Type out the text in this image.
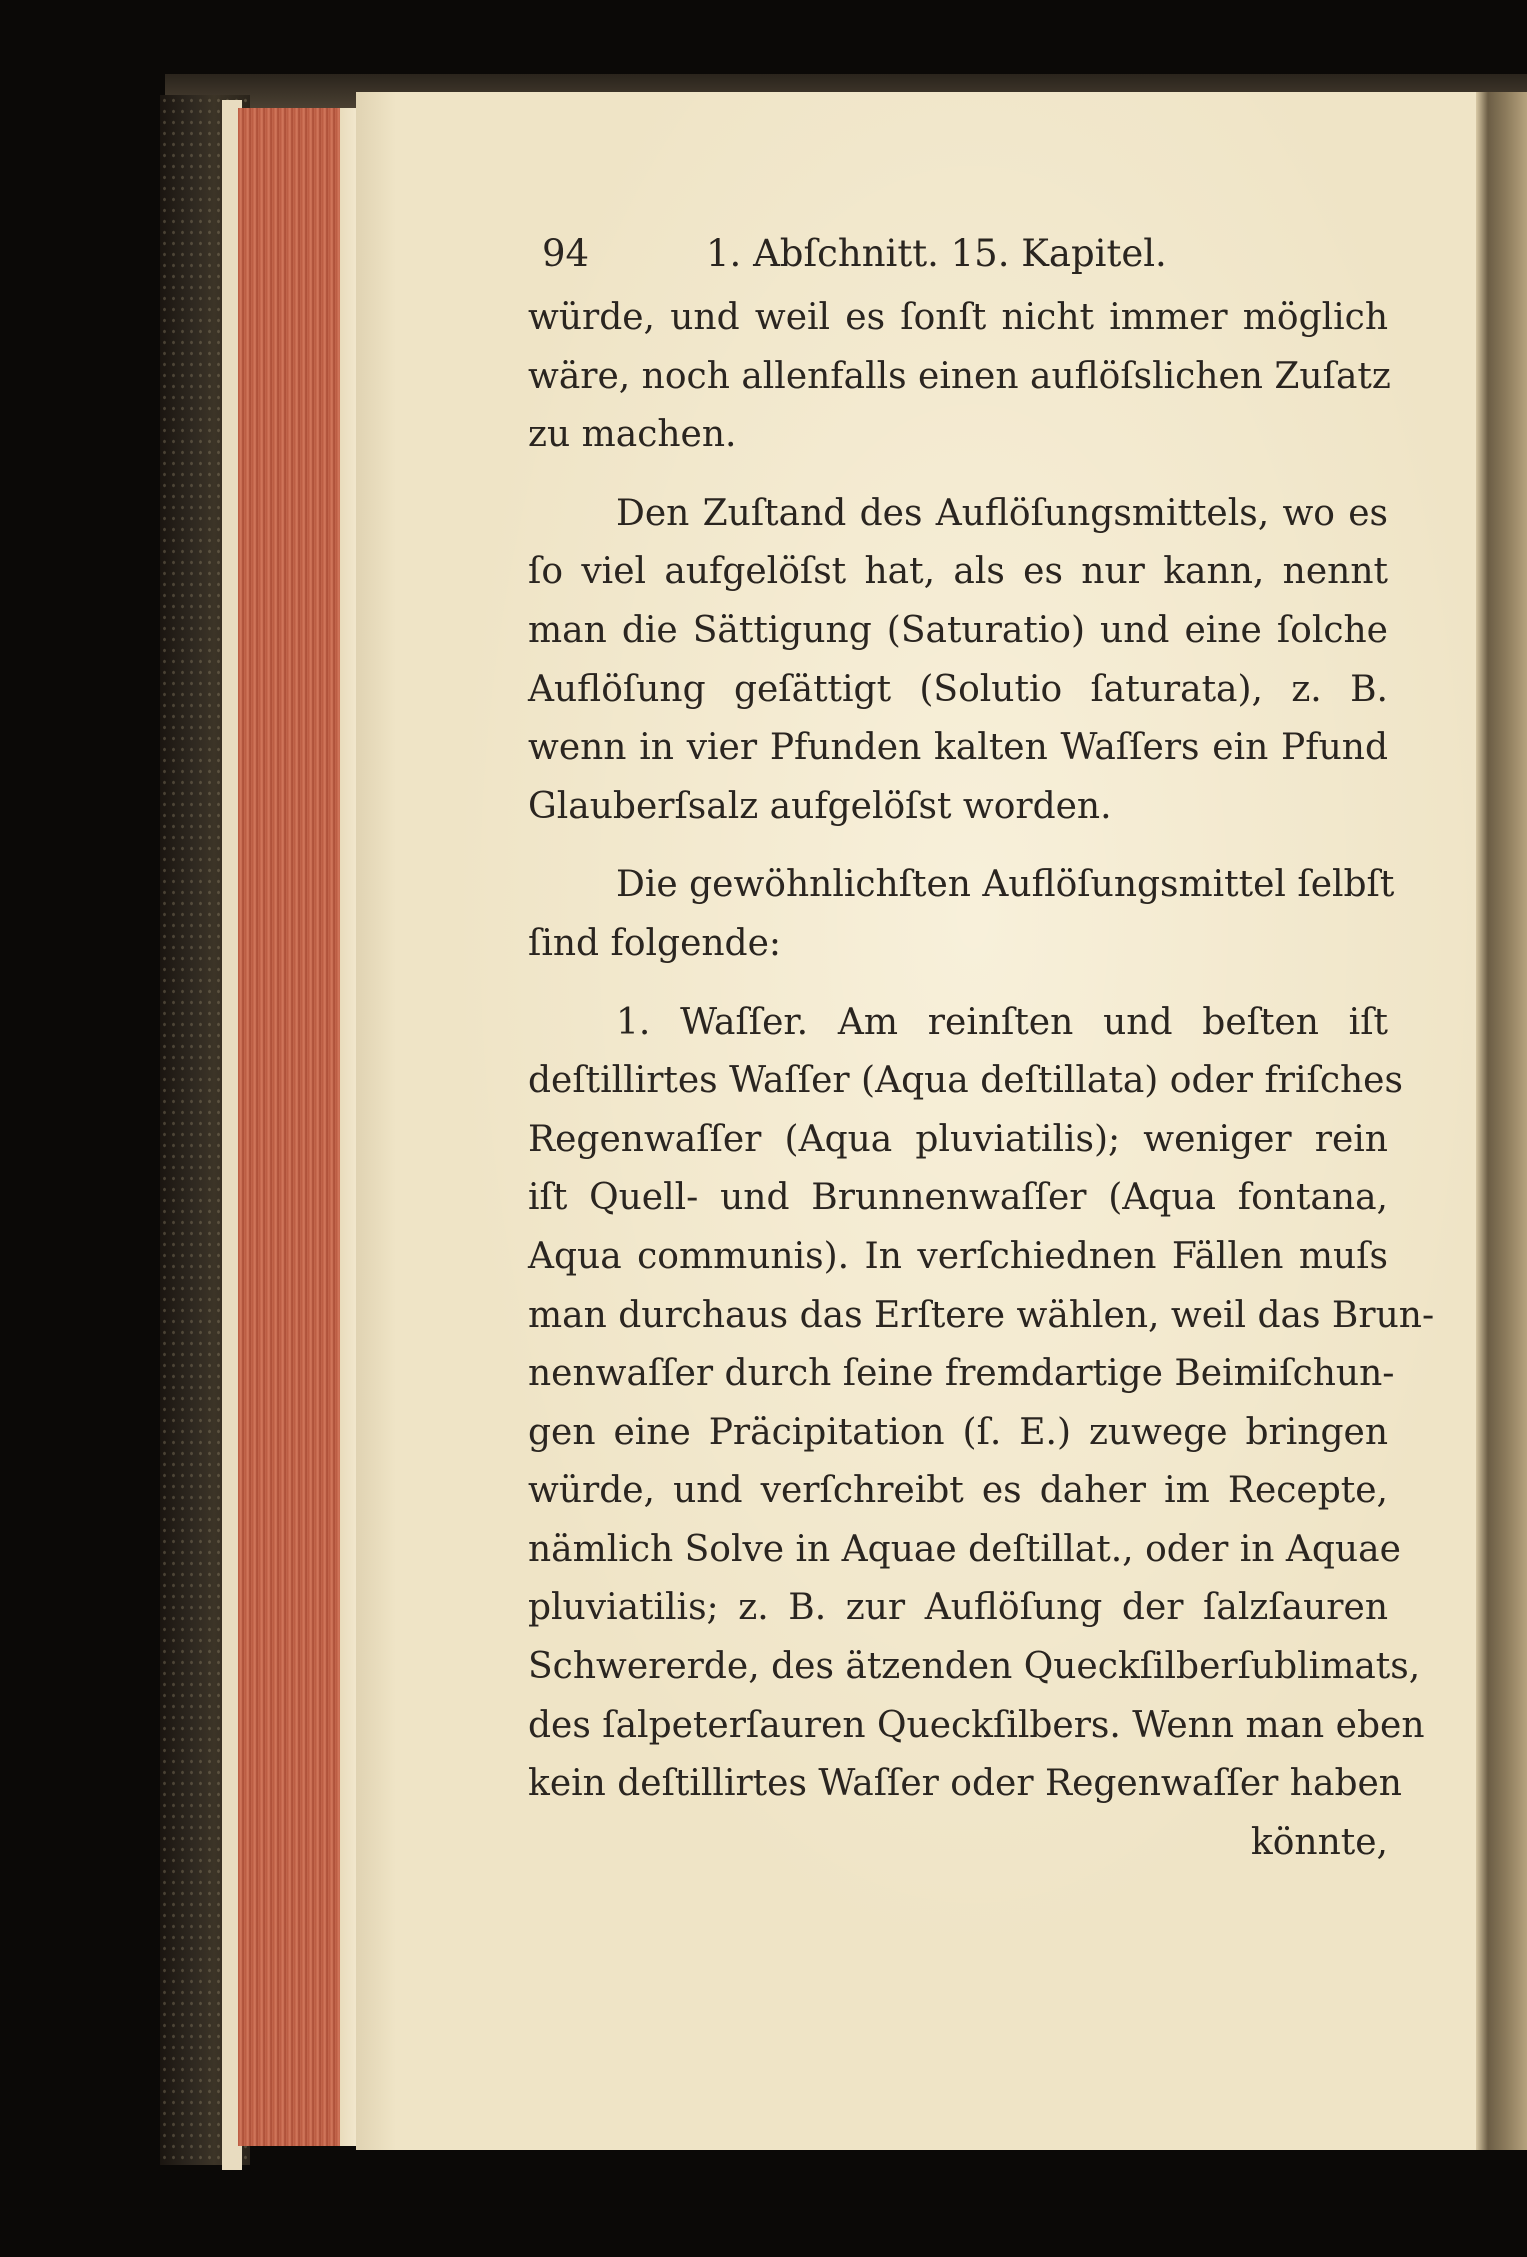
94	1. Abſchnitt. 15. Kapitel.
würde, und weil es ſonſt nicht immer möglich
wäre, noch allenfalls einen auflöſslichen Zuſatz
zu machen.
Den Zuſtand des Auflöſungsmittels, wo es
ſo viel aufgelöſst hat, als es nur kann, nennt
man die Sättigung (Saturatio) und eine ſolche
Auflöſung geſättigt (Solutio ſaturata), z. B.
wenn in vier Pfunden kalten Waſſers ein Pfund
Glauberſsalz aufgelöſst worden.
Die gewöhnlichſten Auflöſungsmittel ſelbſt
ſind folgende:
1. Waſſer. Am reinſten und beſten iſt
deſtillirtes Waſſer (Aqua deſtillata) oder friſches
Regenwaſſer (Aqua pluviatilis); weniger rein
iſt Quell- und Brunnenwaſſer (Aqua fontana,
Aqua communis). In verſchiednen Fällen muſs
man durchaus das Erſtere wählen, weil das Brun-
nenwaſſer durch ſeine fremdartige Beimiſchun-
gen eine Präcipitation (ſ. E.) zuwege bringen
würde, und verſchreibt es daher im Recepte,
nämlich Solve in Aquae deſtillat., oder in Aquae
pluviatilis; z. B. zur Auflöſung der ſalzſauren
Schwererde, des ätzenden Queckſilberſublimats,
des ſalpeterſauren Queckſilbers. Wenn man eben
kein deſtillirtes Waſſer oder Regenwaſſer haben
könnte,
